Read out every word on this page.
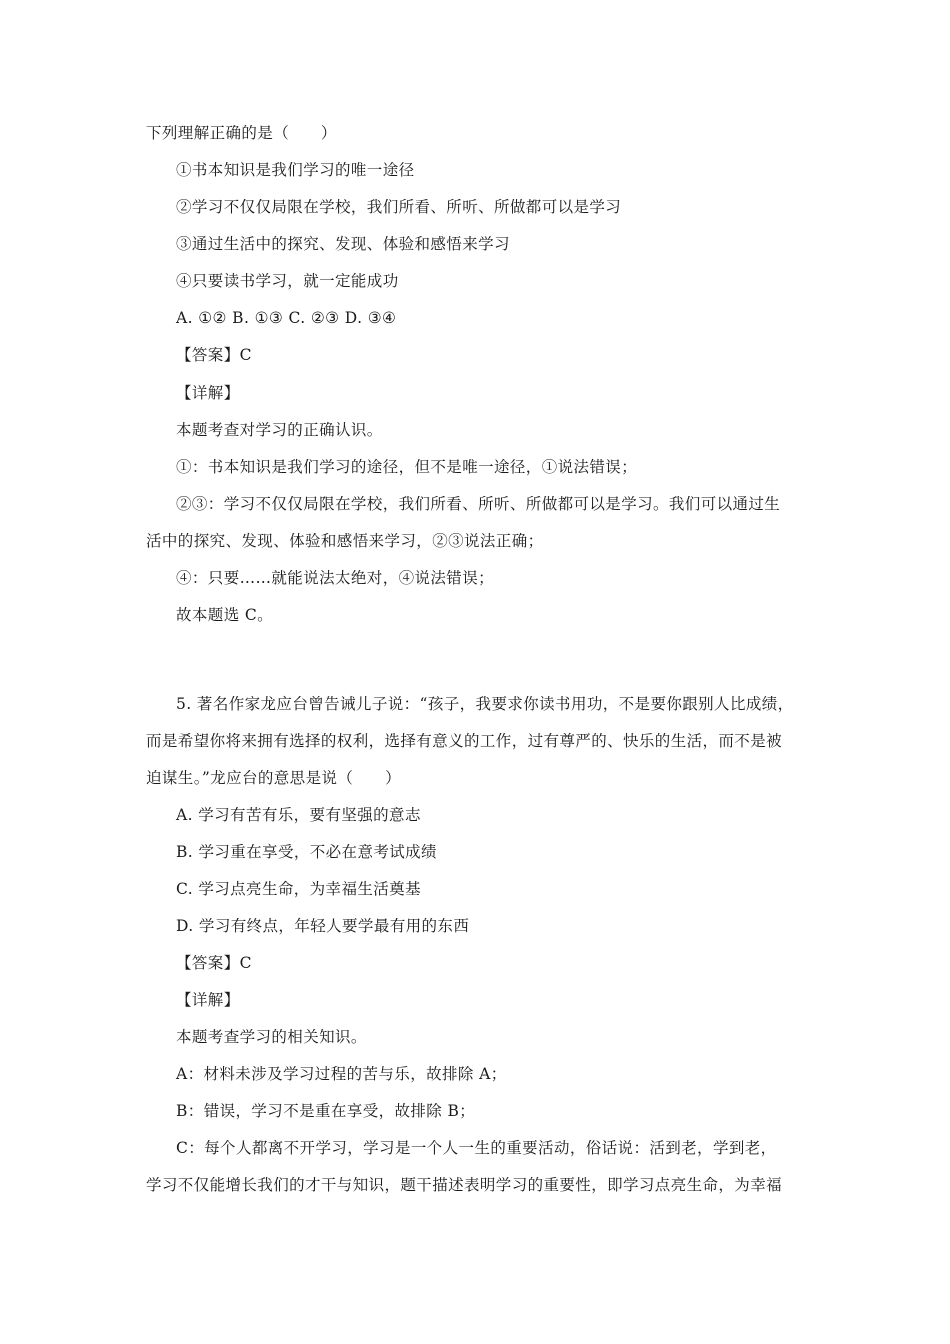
下列理解正确的是（　　）
①书本知识是我们学习的唯一途径
②学习不仅仅局限在学校，我们所看、所听、所做都可以是学习
③通过生活中的探究、发现、体验和感悟来学习
④只要读书学习，就一定能成功
A. ①② B. ①③ C. ②③ D. ③④
【答案】C
【详解】
本题考查对学习的正确认识。
①：书本知识是我们学习的途径，但不是唯一途径，①说法错误；
②③：学习不仅仅局限在学校，我们所看、所听、所做都可以是学习。我们可以通过生
活中的探究、发现、体验和感悟来学习，②③说法正确；
④：只要……就能说法太绝对，④说法错误；
故本题选 C。
5. 著名作家龙应台曾告诫儿子说：“孩子，我要求你读书用功，不是要你跟别人比成绩，
而是希望你将来拥有选择的权利，选择有意义的工作，过有尊严的、快乐的生活，而不是被
迫谋生。”龙应台的意思是说（　　）
A. 学习有苦有乐，要有坚强的意志
B. 学习重在享受，不必在意考试成绩
C. 学习点亮生命，为幸福生活奠基
D. 学习有终点，年轻人要学最有用的东西
【答案】C
【详解】
本题考查学习的相关知识。
A：材料未涉及学习过程的苦与乐，故排除 A；
B：错误，学习不是重在享受，故排除 B；
C：每个人都离不开学习，学习是一个人一生的重要活动，俗话说：活到老，学到老，
学习不仅能增长我们的才干与知识，题干描述表明学习的重要性，即学习点亮生命，为幸福
